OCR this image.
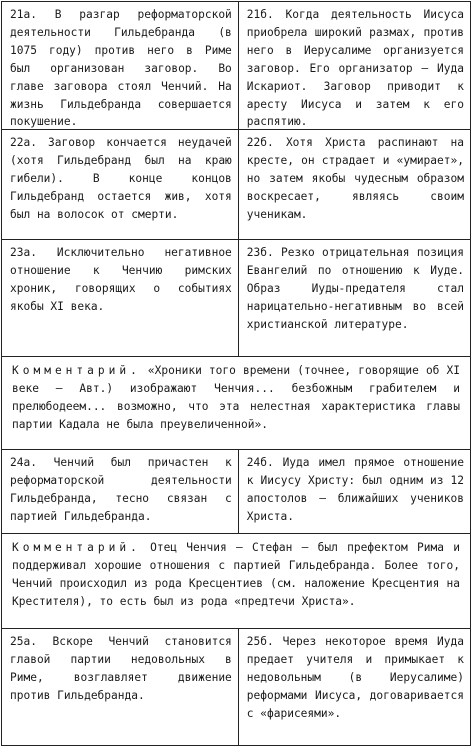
21а. В разгар реформаторской деятельности Гильдебранда (в 1075 году) против него в Риме был организован заговор. Во главе заговора стоял Ченчий. На жизнь Гильдебранда совершается покушение.
21б. Когда деятельность Иисуса приобрела широкий размах, против него в Иерусалиме организуется заговор. Его организатор – Иуда Искариот. Заговор приводит к аресту Иисуса и затем к его распятию.
22а. Заговор кончается неудачей (хотя Гильдебранд был на краю гибели). В конце концов Гильдебранд остается жив, хотя был на волосок от смерти.
22б. Хотя Христа распинают на кресте, он страдает и «умирает», но затем якобы чудесным образом воскресает, являясь своим ученикам.
23а. Исключительно негативное отношение к Ченчию римских хроник, говорящих о событиях якобы XI века.
23б. Резко отрицательная позиция Евангелий по отношению к Иуде. Образ Иуды-предателя стал нарицательно-негативным во всей христианской литературе.
Комментарий. «Хроники того времени (точнее, говорящие об XI веке – Авт.) изображают Ченчия... безбожным грабителем и прелюбодеем... возможно, что эта нелестная характеристика главы партии Кадала не была преувеличенной».
24а. Ченчий был причастен к реформаторской деятельности Гильдебранда, тесно связан с партией Гильдебранда.
24б. Иуда имел прямое отношение к Иисусу Христу: был одним из 12 апостолов – ближайших учеников Христа.
Комментарий. Отец Ченчия – Стефан – был префектом Рима и поддерживал хорошие отношения с партией Гильдебранда. Более того, Ченчий происходил из рода Кресцентиев (см. наложение Кресцентия на Крестителя), то есть был из рода «предтечи Христа».
25а. Вскоре Ченчий становится главой партии недовольных в Риме, возглавляет движение против Гильдебранда.
25б. Через некоторое время Иуда предает учителя и примыкает к недовольным (в Иерусалиме) реформами Иисуса, договаривается с «фарисеями».
